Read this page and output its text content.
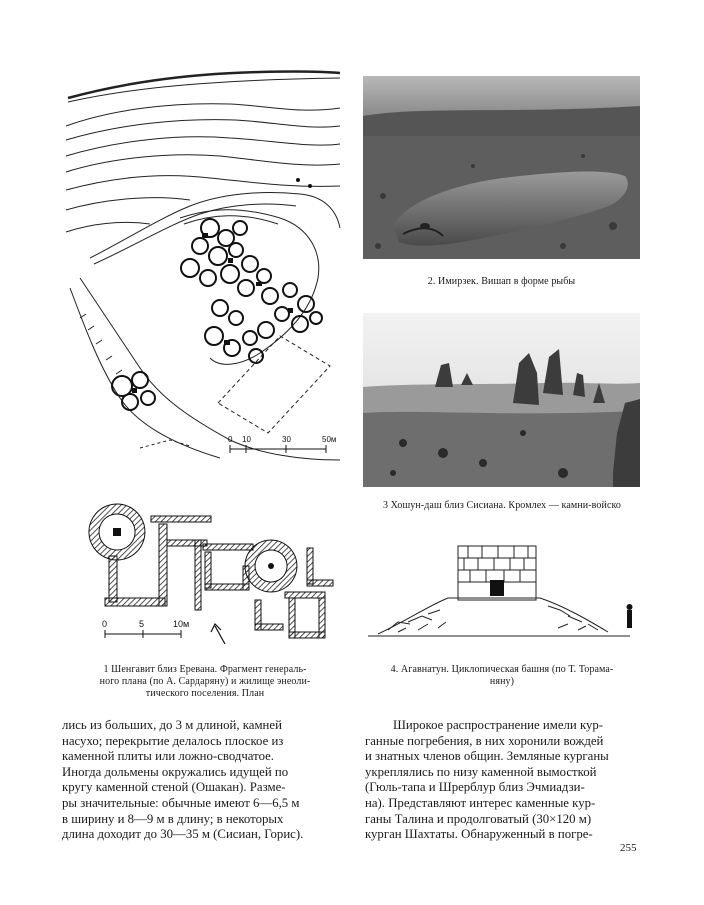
0 10	30	50м
0	5	10м
1 Шенгавит близ Еревана. Фрагмент генераль-
ного плана (по А. Сардаряну) и жилище энеоли-
тического поселения. План
2. Имирзек. Вишап в форме рыбы
3 Хошун-даш близ Сисиана. Кромлех — камни-войско
4. Агавнатун. Циклопическая башня (по Т. Торама-
няну)

лись из больших, до 3 м длиной, камней

насухо; перекрытие делалось плоское из

каменной плиты или ложно-сводчатое.

Иногда дольмены окружались идущей по

кругу каменной стеной (Ошакан). Разме-

ры значительные: обычные имеют 6—6,5 м

в ширину и 8—9 м в длину; в некоторых

длина доходит до 30—35 м (Сисиан, Горис).

Широкое распространение имели кур-

ганные погребения, в них хоронили вождей

и знатных членов общин. Земляные курганы

укреплялись по низу каменной вымосткой

(Гюль-тапа и Шрерблур близ Эчмиадзи-

на). Представляют интерес каменные кур-

ганы Талина и продолговатый (30×120 м)

курган Шахтаты. Обнаруженный в погре-

255
